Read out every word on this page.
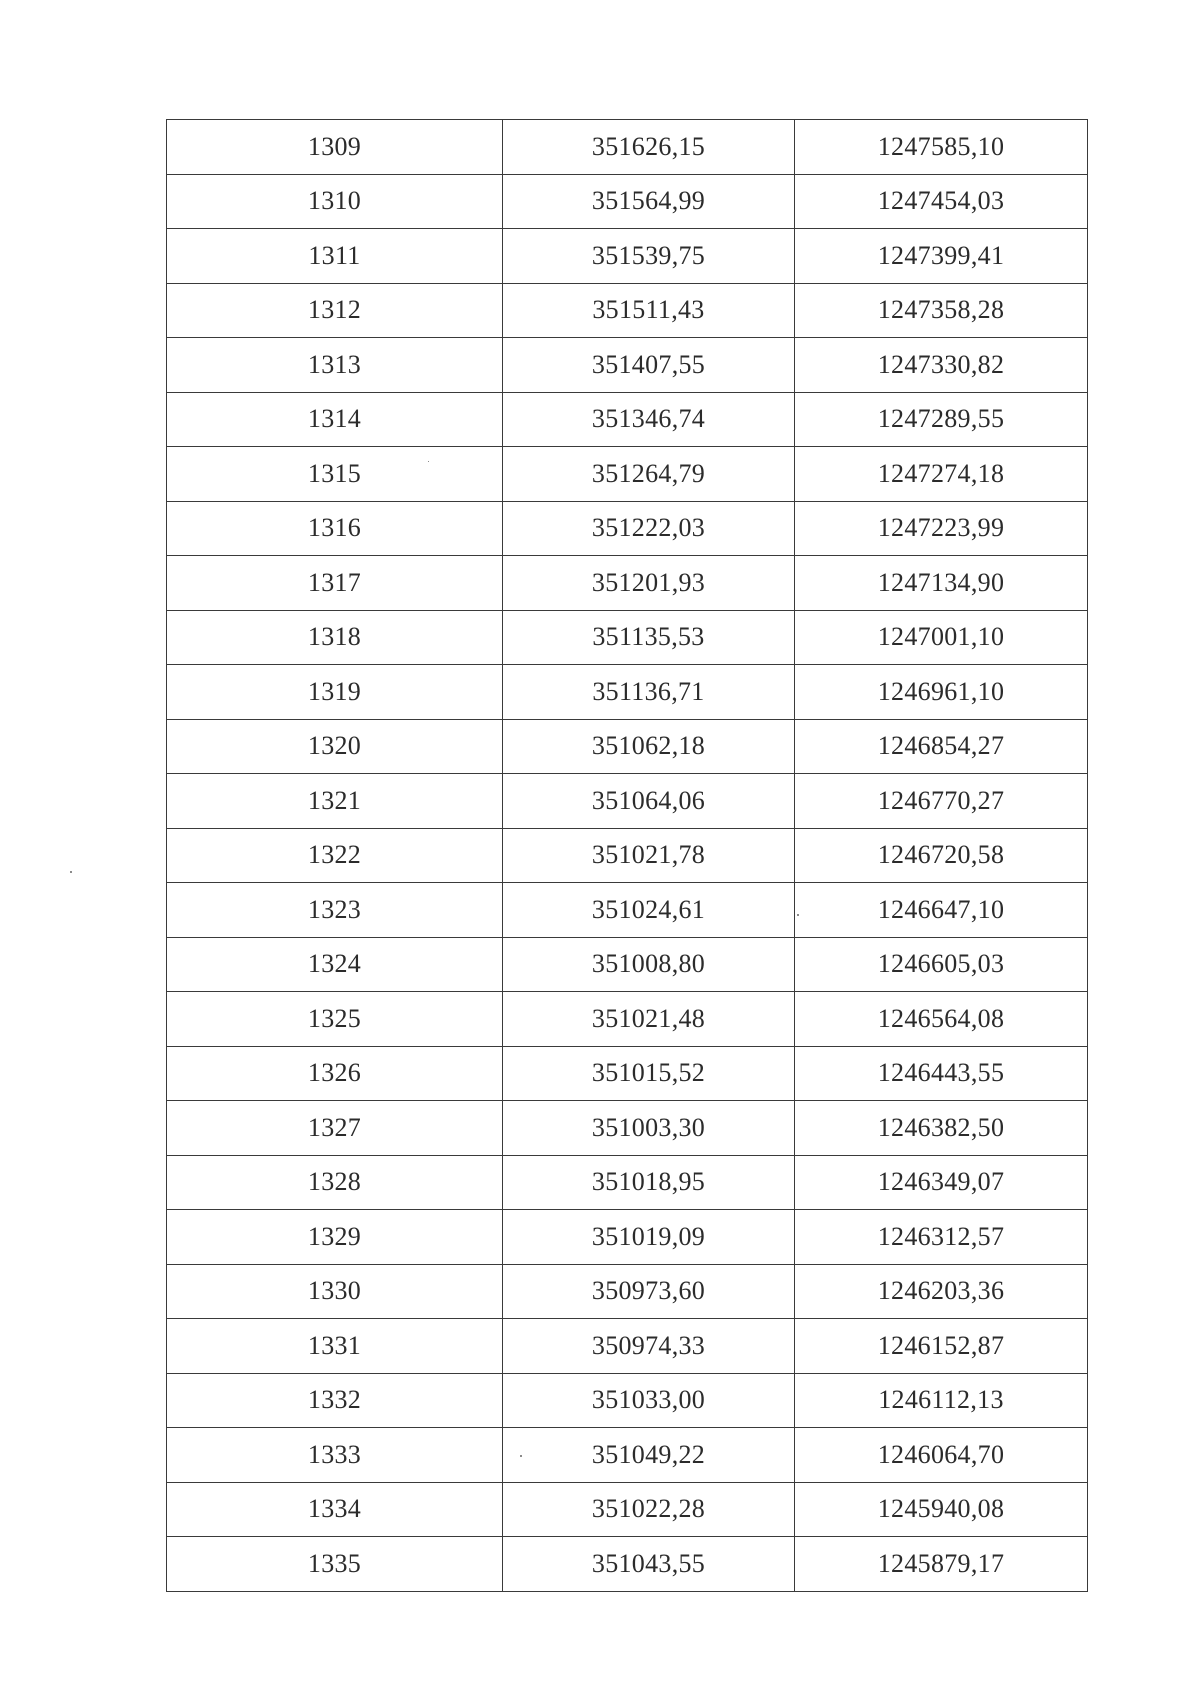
1309	351626,15	1247585,10
1310	351564,99	1247454,03
1311	351539,75	1247399,41
1312	351511,43	1247358,28
1313	351407,55	1247330,82
1314	351346,74	1247289,55
1315	351264,79	1247274,18
1316	351222,03	1247223,99
1317	351201,93	1247134,90
1318	351135,53	1247001,10
1319	351136,71	1246961,10
1320	351062,18	1246854,27
1321	351064,06	1246770,27
1322	351021,78	1246720,58
1323	351024,61	1246647,10
1324	351008,80	1246605,03
1325	351021,48	1246564,08
1326	351015,52	1246443,55
1327	351003,30	1246382,50
1328	351018,95	1246349,07
1329	351019,09	1246312,57
1330	350973,60	1246203,36
1331	350974,33	1246152,87
1332	351033,00	1246112,13
1333	351049,22	1246064,70
1334	351022,28	1245940,08
1335	351043,55	1245879,17
